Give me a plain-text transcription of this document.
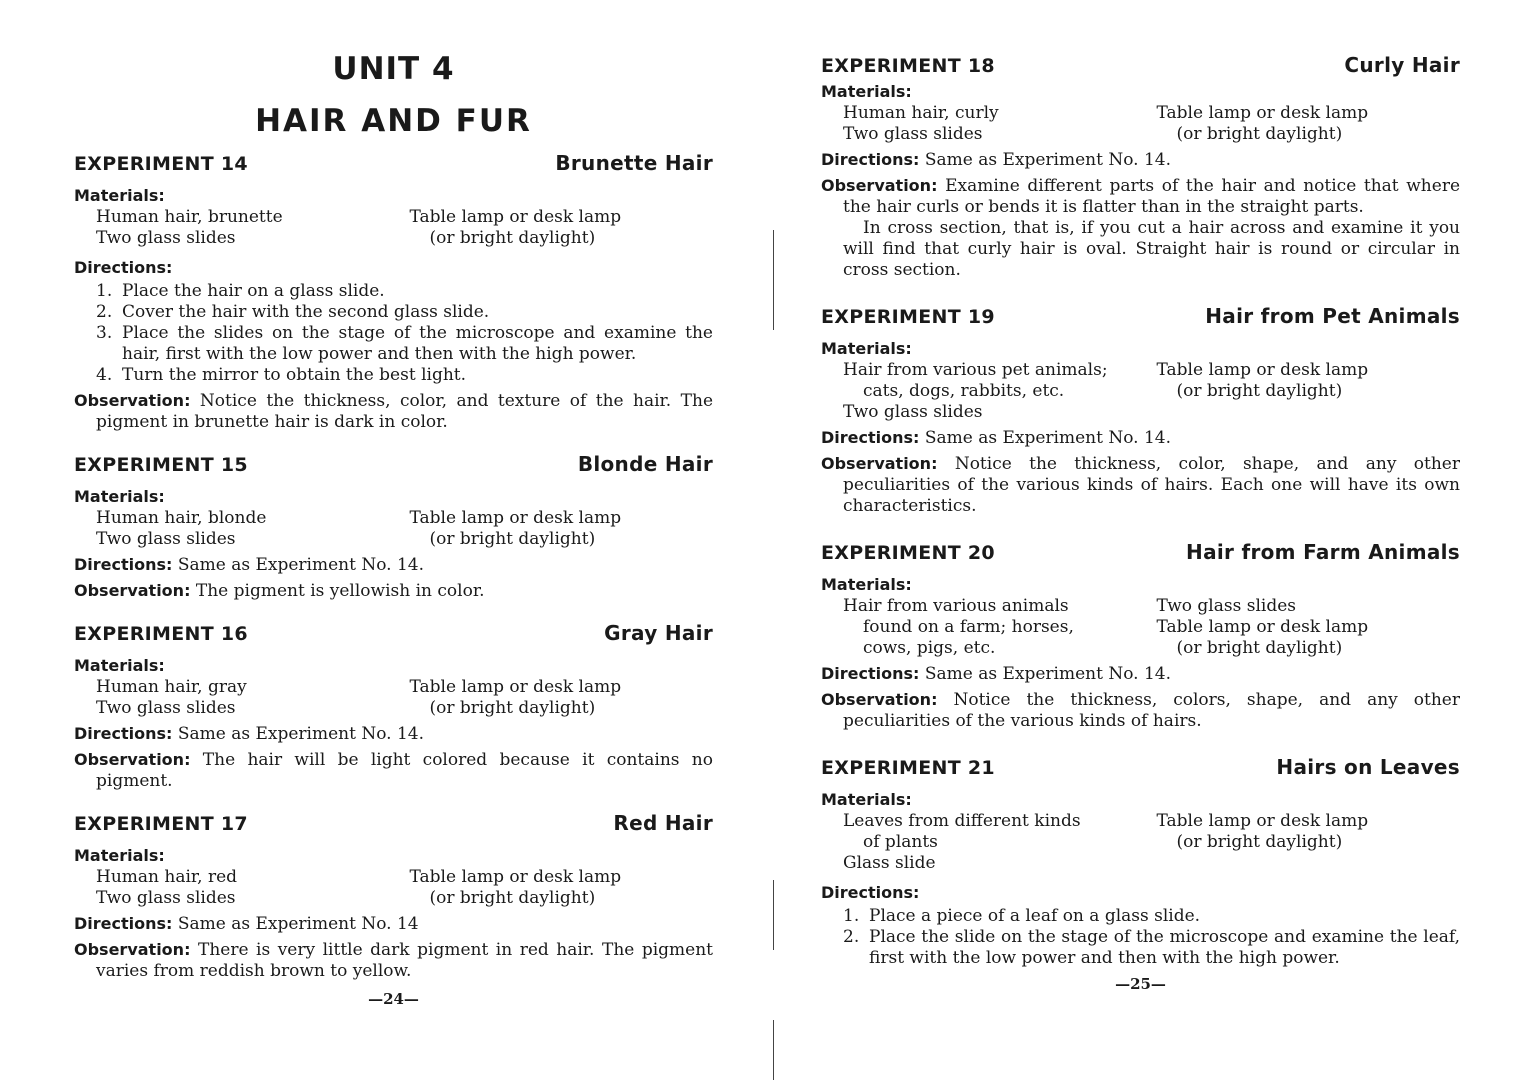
UNIT 4
HAIR AND FUR
EXPERIMENT 14	Brunette Hair
Materials:
Human hair, brunette
Two glass slides
Table lamp or desk lamp
(or bright daylight)
Directions:
1. Place the hair on a glass slide.
2. Cover the hair with the second glass slide.
3. Place the slides on the stage of the microscope and examine the hair, first with the low power and then with the high power.
4. Turn the mirror to obtain the best light.
Observation: Notice the thickness, color, and texture of the hair. The pigment in brunette hair is dark in color.
EXPERIMENT 15	Blonde Hair
Materials:
Human hair, blonde
Two glass slides
Table lamp or desk lamp
(or bright daylight)
Directions: Same as Experiment No. 14.
Observation: The pigment is yellowish in color.
EXPERIMENT 16	Gray Hair
Materials:
Human hair, gray
Two glass slides
Table lamp or desk lamp
(or bright daylight)
Directions: Same as Experiment No. 14.
Observation: The hair will be light colored because it contains no pigment.
EXPERIMENT 17	Red Hair
Materials:
Human hair, red
Two glass slides
Table lamp or desk lamp
(or bright daylight)
Directions: Same as Experiment No. 14
Observation: There is very little dark pigment in red hair. The pigment varies from reddish brown to yellow.
—24—
EXPERIMENT 18	Curly Hair
Materials:
Human hair, curly
Two glass slides
Table lamp or desk lamp
(or bright daylight)
Directions: Same as Experiment No. 14.
Observation: Examine different parts of the hair and notice that where the hair curls or bends it is flatter than in the straight parts.

In cross section, that is, if you cut a hair across and examine it you will find that curly hair is oval. Straight hair is round or circular in cross section.

EXPERIMENT 19	Hair from Pet Animals
Materials:
Hair from various pet animals;
cats, dogs, rabbits, etc.
Two glass slides
Table lamp or desk lamp
(or bright daylight)
Directions: Same as Experiment No. 14.
Observation: Notice the thickness, color, shape, and any other peculiarities of the various kinds of hairs. Each one will have its own characteristics.
EXPERIMENT 20	Hair from Farm Animals
Materials:
Hair from various animals
found on a farm; horses,
cows, pigs, etc.
Two glass slides
Table lamp or desk lamp
(or bright daylight)
Directions: Same as Experiment No. 14.
Observation: Notice the thickness, colors, shape, and any other peculiarities of the various kinds of hairs.
EXPERIMENT 21	Hairs on Leaves
Materials:
Leaves from different kinds
of plants
Glass slide
Table lamp or desk lamp
(or bright daylight)
Directions:
1. Place a piece of a leaf on a glass slide.
2. Place the slide on the stage of the microscope and examine the leaf, first with the low power and then with the high power.
—25—
